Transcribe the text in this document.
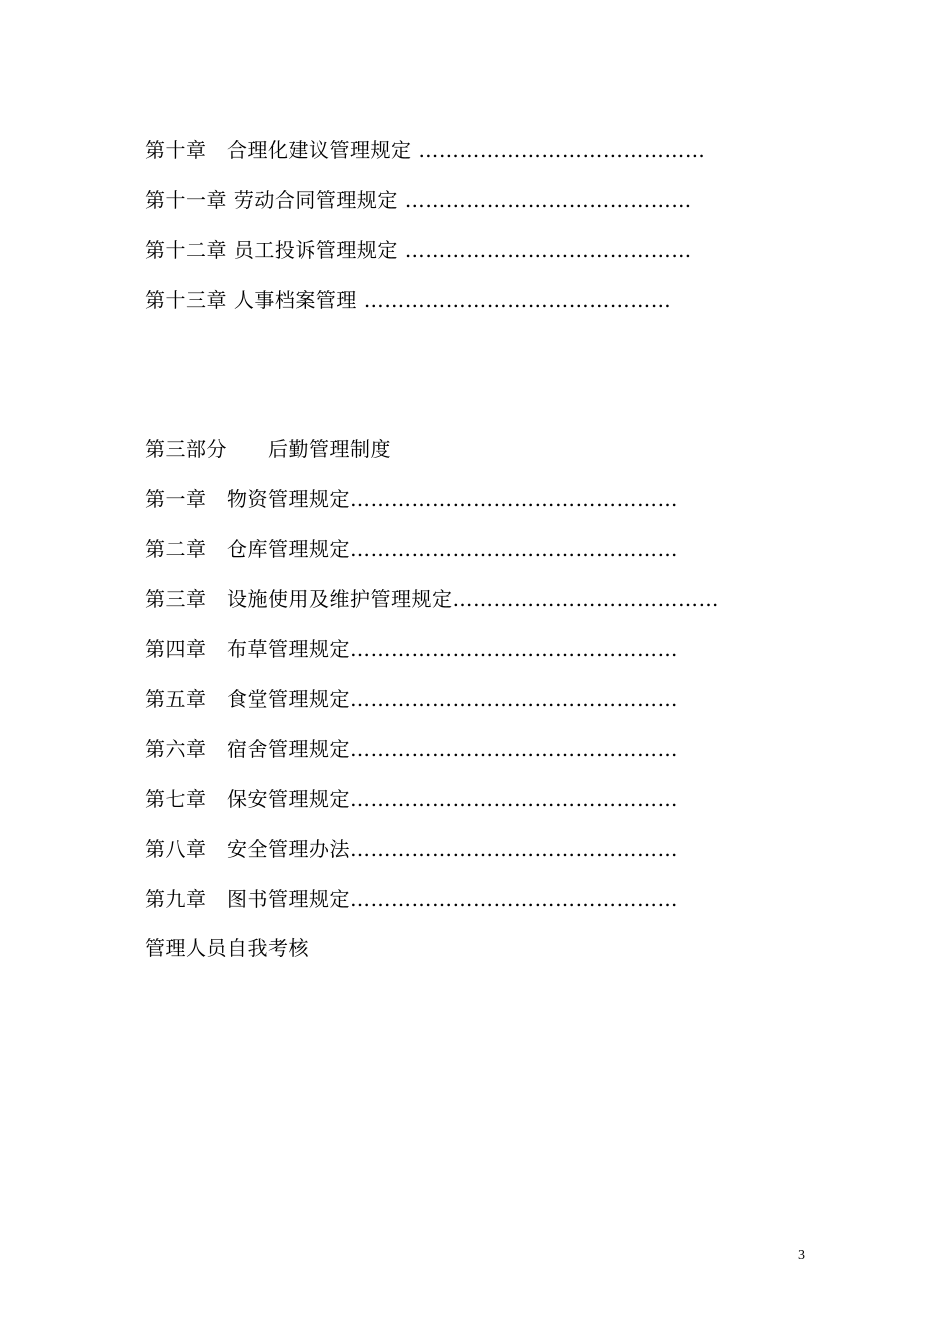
第十章　 合理化建议管理规定 ……………………………………
第十一章 劳动合同管理规定 ……………………………………
第十二章 员工投诉管理规定 ……………………………………
第十三章 人事档案管理 ………………………………………
第三部分　　 后勤管理制度
第一章　 物资管理规定…………………………………………
第二章　 仓库管理规定…………………………………………
第三章　 设施使用及维护管理规定…………………………………
第四章　 布草管理规定…………………………………………
第五章　 食堂管理规定…………………………………………
第六章　 宿舍管理规定…………………………………………
第七章　 保安管理规定…………………………………………
第八章　 安全管理办法…………………………………………
第九章　 图书管理规定…………………………………………
管理人员自我考核
3
